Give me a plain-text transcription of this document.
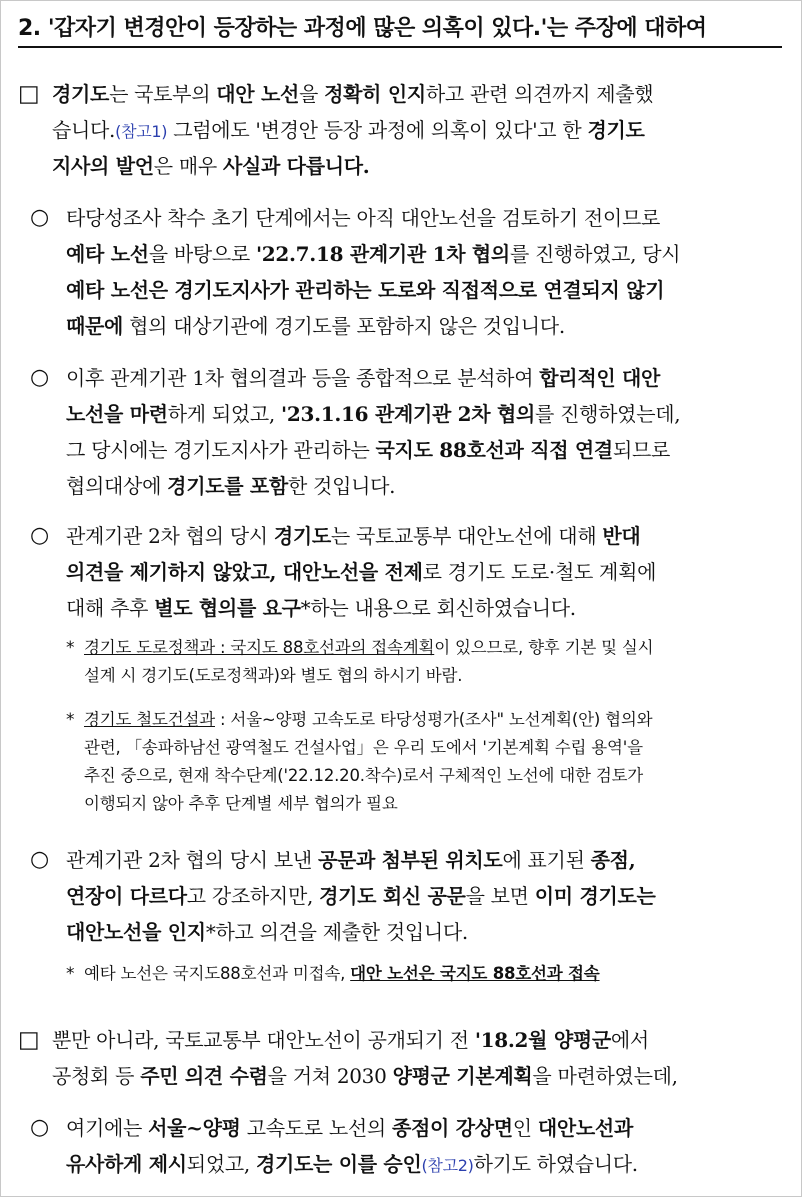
2. '갑자기 변경안이 등장하는 과정에 많은 의혹이 있다.'는 주장에 대하여
□ 경기도는 국토부의 대안 노선을 정확히 인지하고 관련 의견까지 제출했
습니다.(참고1) 그럼에도 '변경안 등장 과정에 의혹이 있다'고 한 경기도
지사의 발언은 매우 사실과 다릅니다.
○ 타당성조사 착수 초기 단계에서는 아직 대안노선을 검토하기 전이므로
예타 노선을 바탕으로 '22.7.18 관계기관 1차 협의를 진행하였고, 당시
예타 노선은 경기도지사가 관리하는 도로와 직접적으로 연결되지 않기
때문에 협의 대상기관에 경기도를 포함하지 않은 것입니다.
○ 이후 관계기관 1차 협의결과 등을 종합적으로 분석하여 합리적인 대안
노선을 마련하게 되었고, '23.1.16 관계기관 2차 협의를 진행하였는데,
그 당시에는 경기도지사가 관리하는 국지도 88호선과 직접 연결되므로
협의대상에 경기도를 포함한 것입니다.
○ 관계기관 2차 협의 당시 경기도는 국토교통부 대안노선에 대해 반대
의견을 제기하지 않았고, 대안노선을 전제로 경기도 도로·철도 계획에
대해 추후 별도 협의를 요구*하는 내용으로 회신하였습니다.
* 경기도 도로정책과 : 국지도 88호선과의 접속계획이 있으므로, 향후 기본 및 실시
설계 시 경기도(도로정책과)와 별도 협의 하시기 바람.
* 경기도 철도건설과 : 서울~양평 고속도로 타당성평가(조사" 노선계획(안) 협의와
관련, 「송파하남선 광역철도 건설사업」은 우리 도에서 '기본계획 수립 용역'을
추진 중으로, 현재 착수단계('22.12.20.착수)로서 구체적인 노선에 대한 검토가
이행되지 않아 추후 단계별 세부 협의가 필요
○ 관계기관 2차 협의 당시 보낸 공문과 첨부된 위치도에 표기된 종점,
연장이 다르다고 강조하지만, 경기도 회신 공문을 보면 이미 경기도는
대안노선을 인지*하고 의견을 제출한 것입니다.
* 예타 노선은 국지도88호선과 미접속, 대안 노선은 국지도 88호선과 접속
□ 뿐만 아니라, 국토교통부 대안노선이 공개되기 전 '18.2월 양평군에서
공청회 등 주민 의견 수렴을 거쳐 2030 양평군 기본계획을 마련하였는데,
○ 여기에는 서울~양평 고속도로 노선의 종점이 강상면인 대안노선과
유사하게 제시되었고, 경기도는 이를 승인(참고2)하기도 하였습니다.
